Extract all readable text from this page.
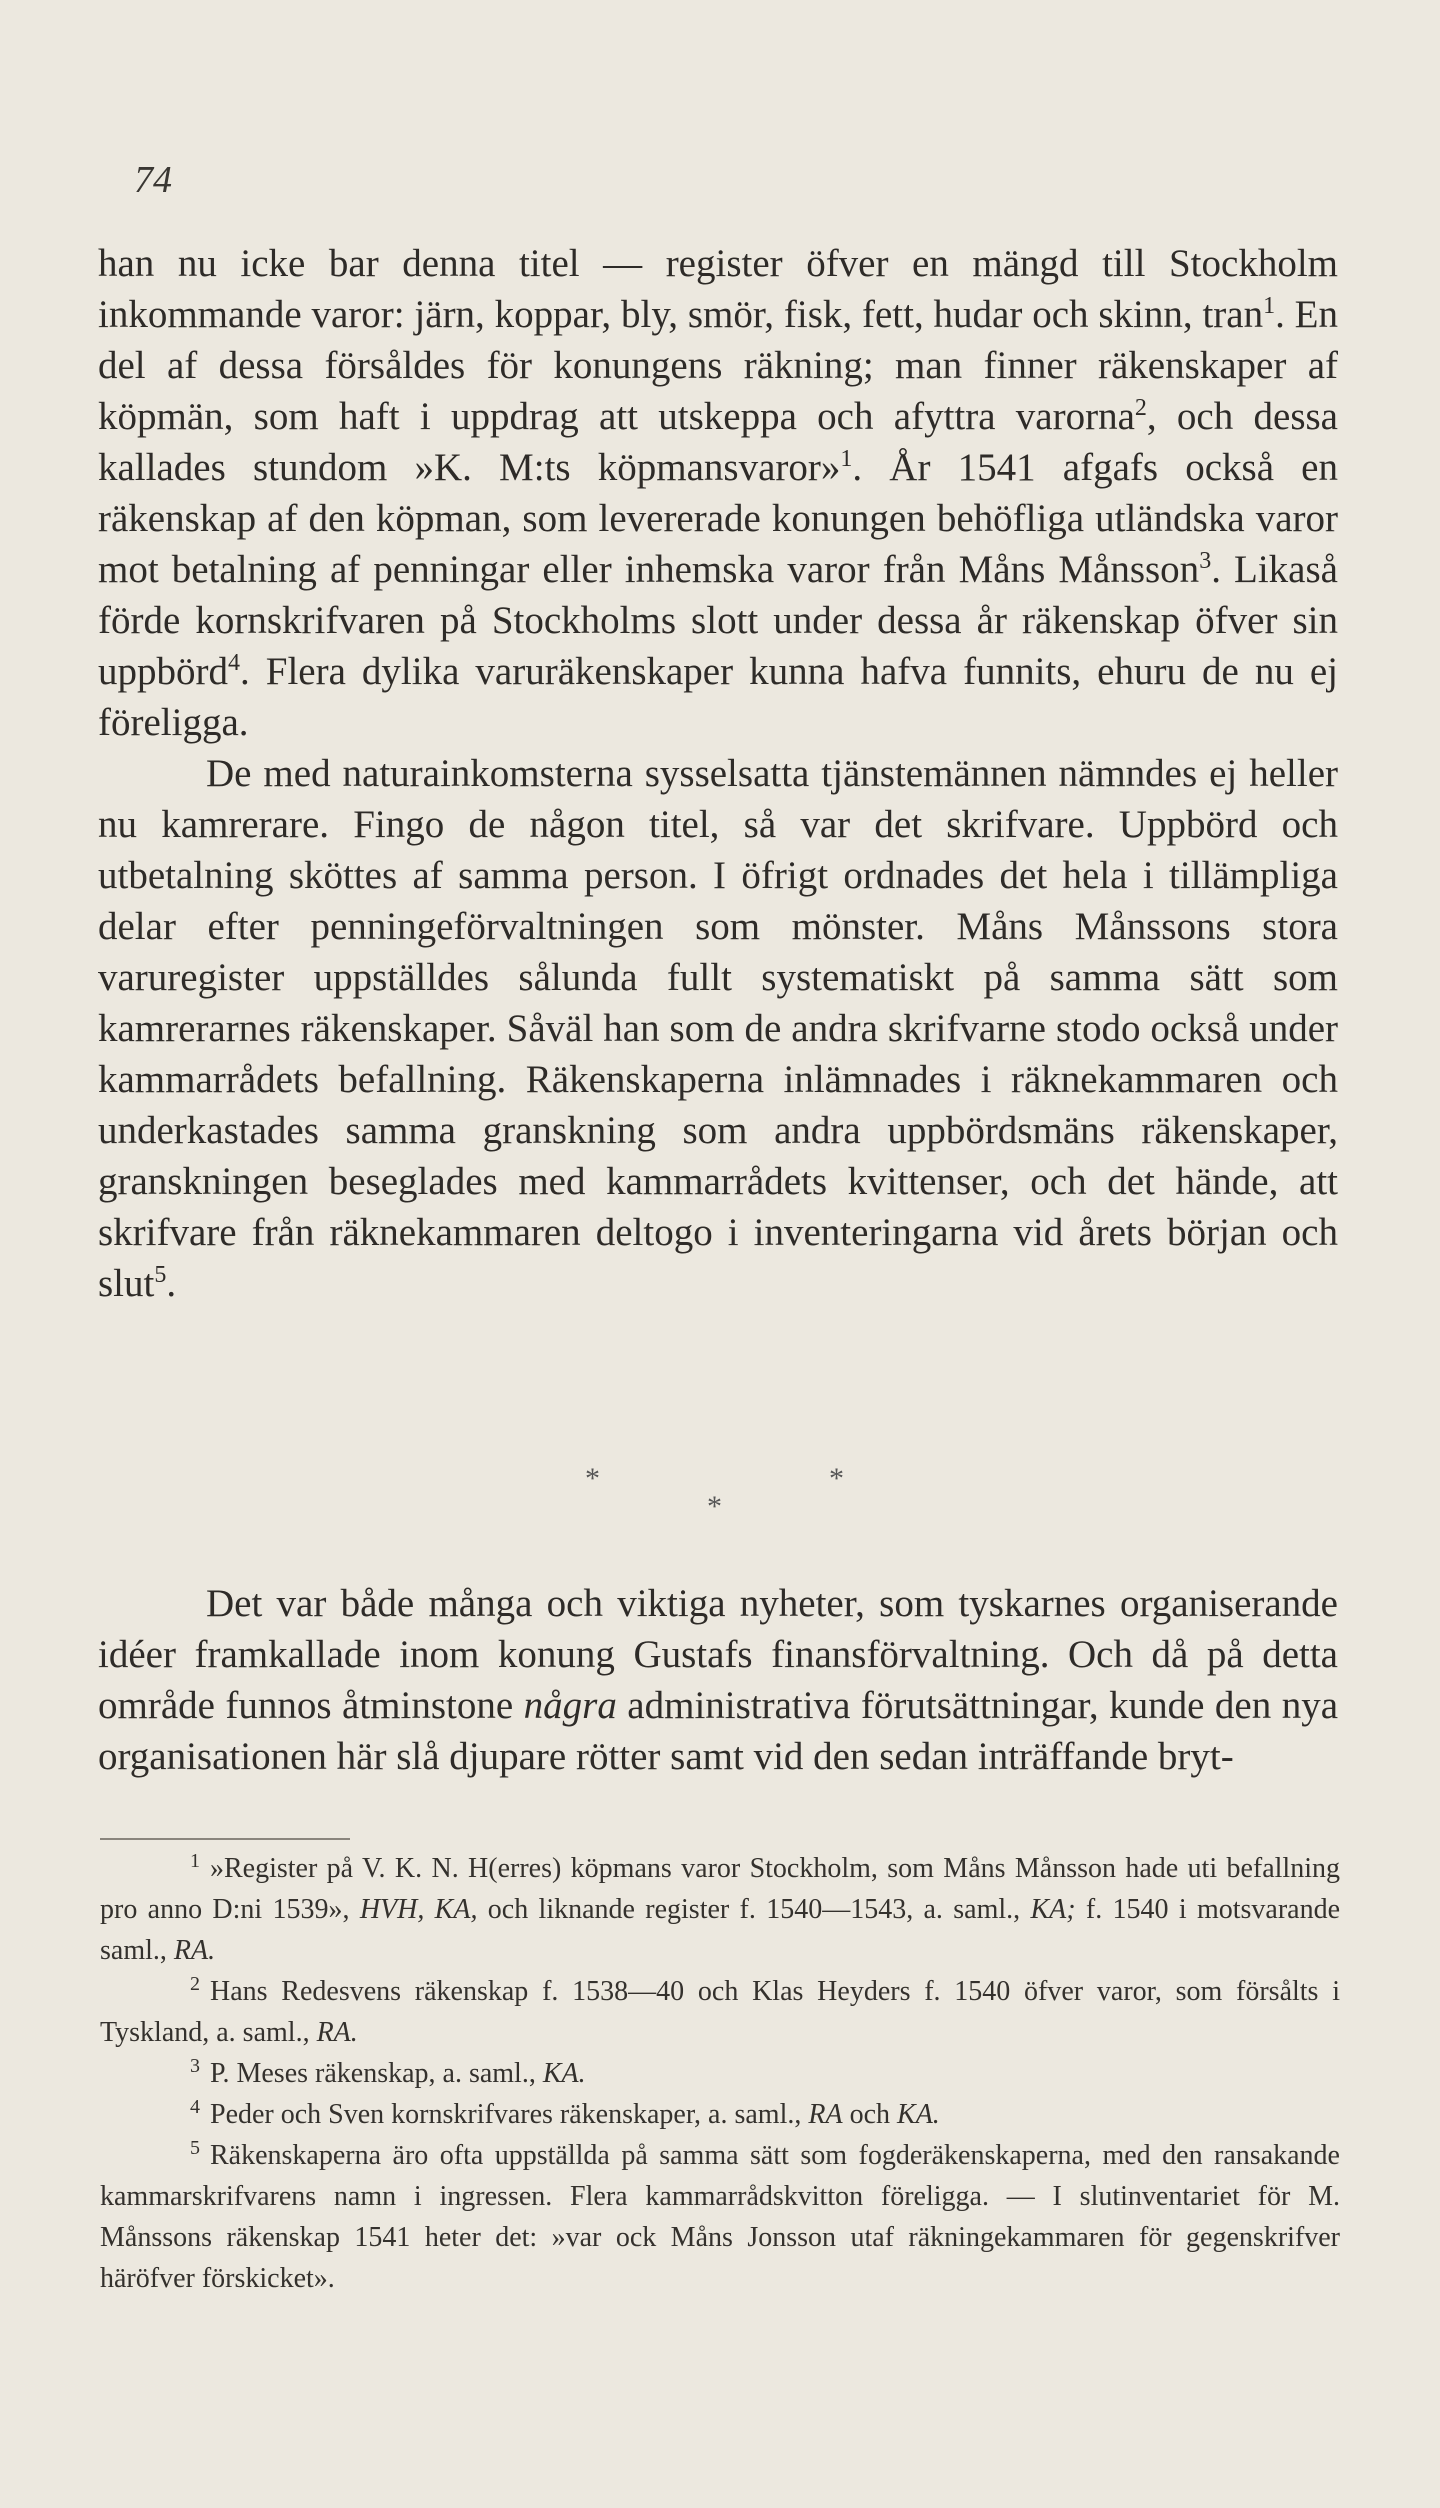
74

han nu icke bar denna titel — register öfver en mängd till Stockholm inkommande varor: järn, koppar, bly, smör, fisk, fett, hudar och skinn, tran$^1$. En del af dessa försåldes för konungens räkning; man finner räkenskaper af köpmän, som haft i uppdrag att utskeppa och afyttra varorna$^2$, och dessa kallades stundom »K. M:ts köpmansvaror»$^1$. År 1541 afgafs också en räkenskap af den köpman, som levererade konungen behöfliga utländska varor mot betalning af penningar eller inhemska varor från Måns Månsson$^3$. Likaså förde kornskrifvaren på Stockholms slott under dessa år räkenskap öfver sin uppbörd$^4$. Flera dylika varuräkenskaper kunna hafva funnits, ehuru de nu ej föreligga.

De med naturainkomsterna sysselsatta tjänstemännen nämndes ej heller nu kamrerare. Fingo de någon titel, så var det skrifvare. Uppbörd och utbetalning sköttes af samma person. I öfrigt ordnades det hela i tillämpliga delar efter penningeförvaltningen som mönster. Måns Månssons stora varuregister uppställdes sålunda fullt systematiskt på samma sätt som kamrerarnes räkenskaper. Såväl han som de andra skrifvarne stodo också under kammarrådets befallning. Räkenskaperna inlämnades i räknekammaren och underkastades samma granskning som andra uppbördsmäns räkenskaper, granskningen beseglades med kammarrådets kvittenser, och det hände, att skrifvare från räknekammaren deltogo i inventeringarna vid årets början och slut$^5$.

*	*
*

Det var både många och viktiga nyheter, som tyskarnes organiserande idéer framkallade inom konung Gustafs finansförvaltning. Och då på detta område funnos åtminstone några administrativa förutsättningar, kunde den nya organisationen här slå djupare rötter samt vid den sedan inträffande bryt-

$^1$ »Register på V. K. N. H(erres) köpmans varor Stockholm, som Måns Månsson hade uti befallning pro anno D:ni 1539», HVH, KA, och liknande register f. 1540—1543, a. saml., KA; f. 1540 i motsvarande saml., RA.

$^2$ Hans Redesvens räkenskap f. 1538—40 och Klas Heyders f. 1540 öfver varor, som försålts i Tyskland, a. saml., RA.

$^3$ P. Meses räkenskap, a. saml., KA.

$^4$ Peder och Sven kornskrifvares räkenskaper, a. saml., RA och KA.

$^5$ Räkenskaperna äro ofta uppställda på samma sätt som fogderäkenskaperna, med den ransakande kammarskrifvarens namn i ingressen. Flera kammarrådskvitton föreligga. — I slutinventariet för M. Månssons räkenskap 1541 heter det: »var ock Måns Jonsson utaf räkningekammaren för gegenskrifver häröfver förskicket».
